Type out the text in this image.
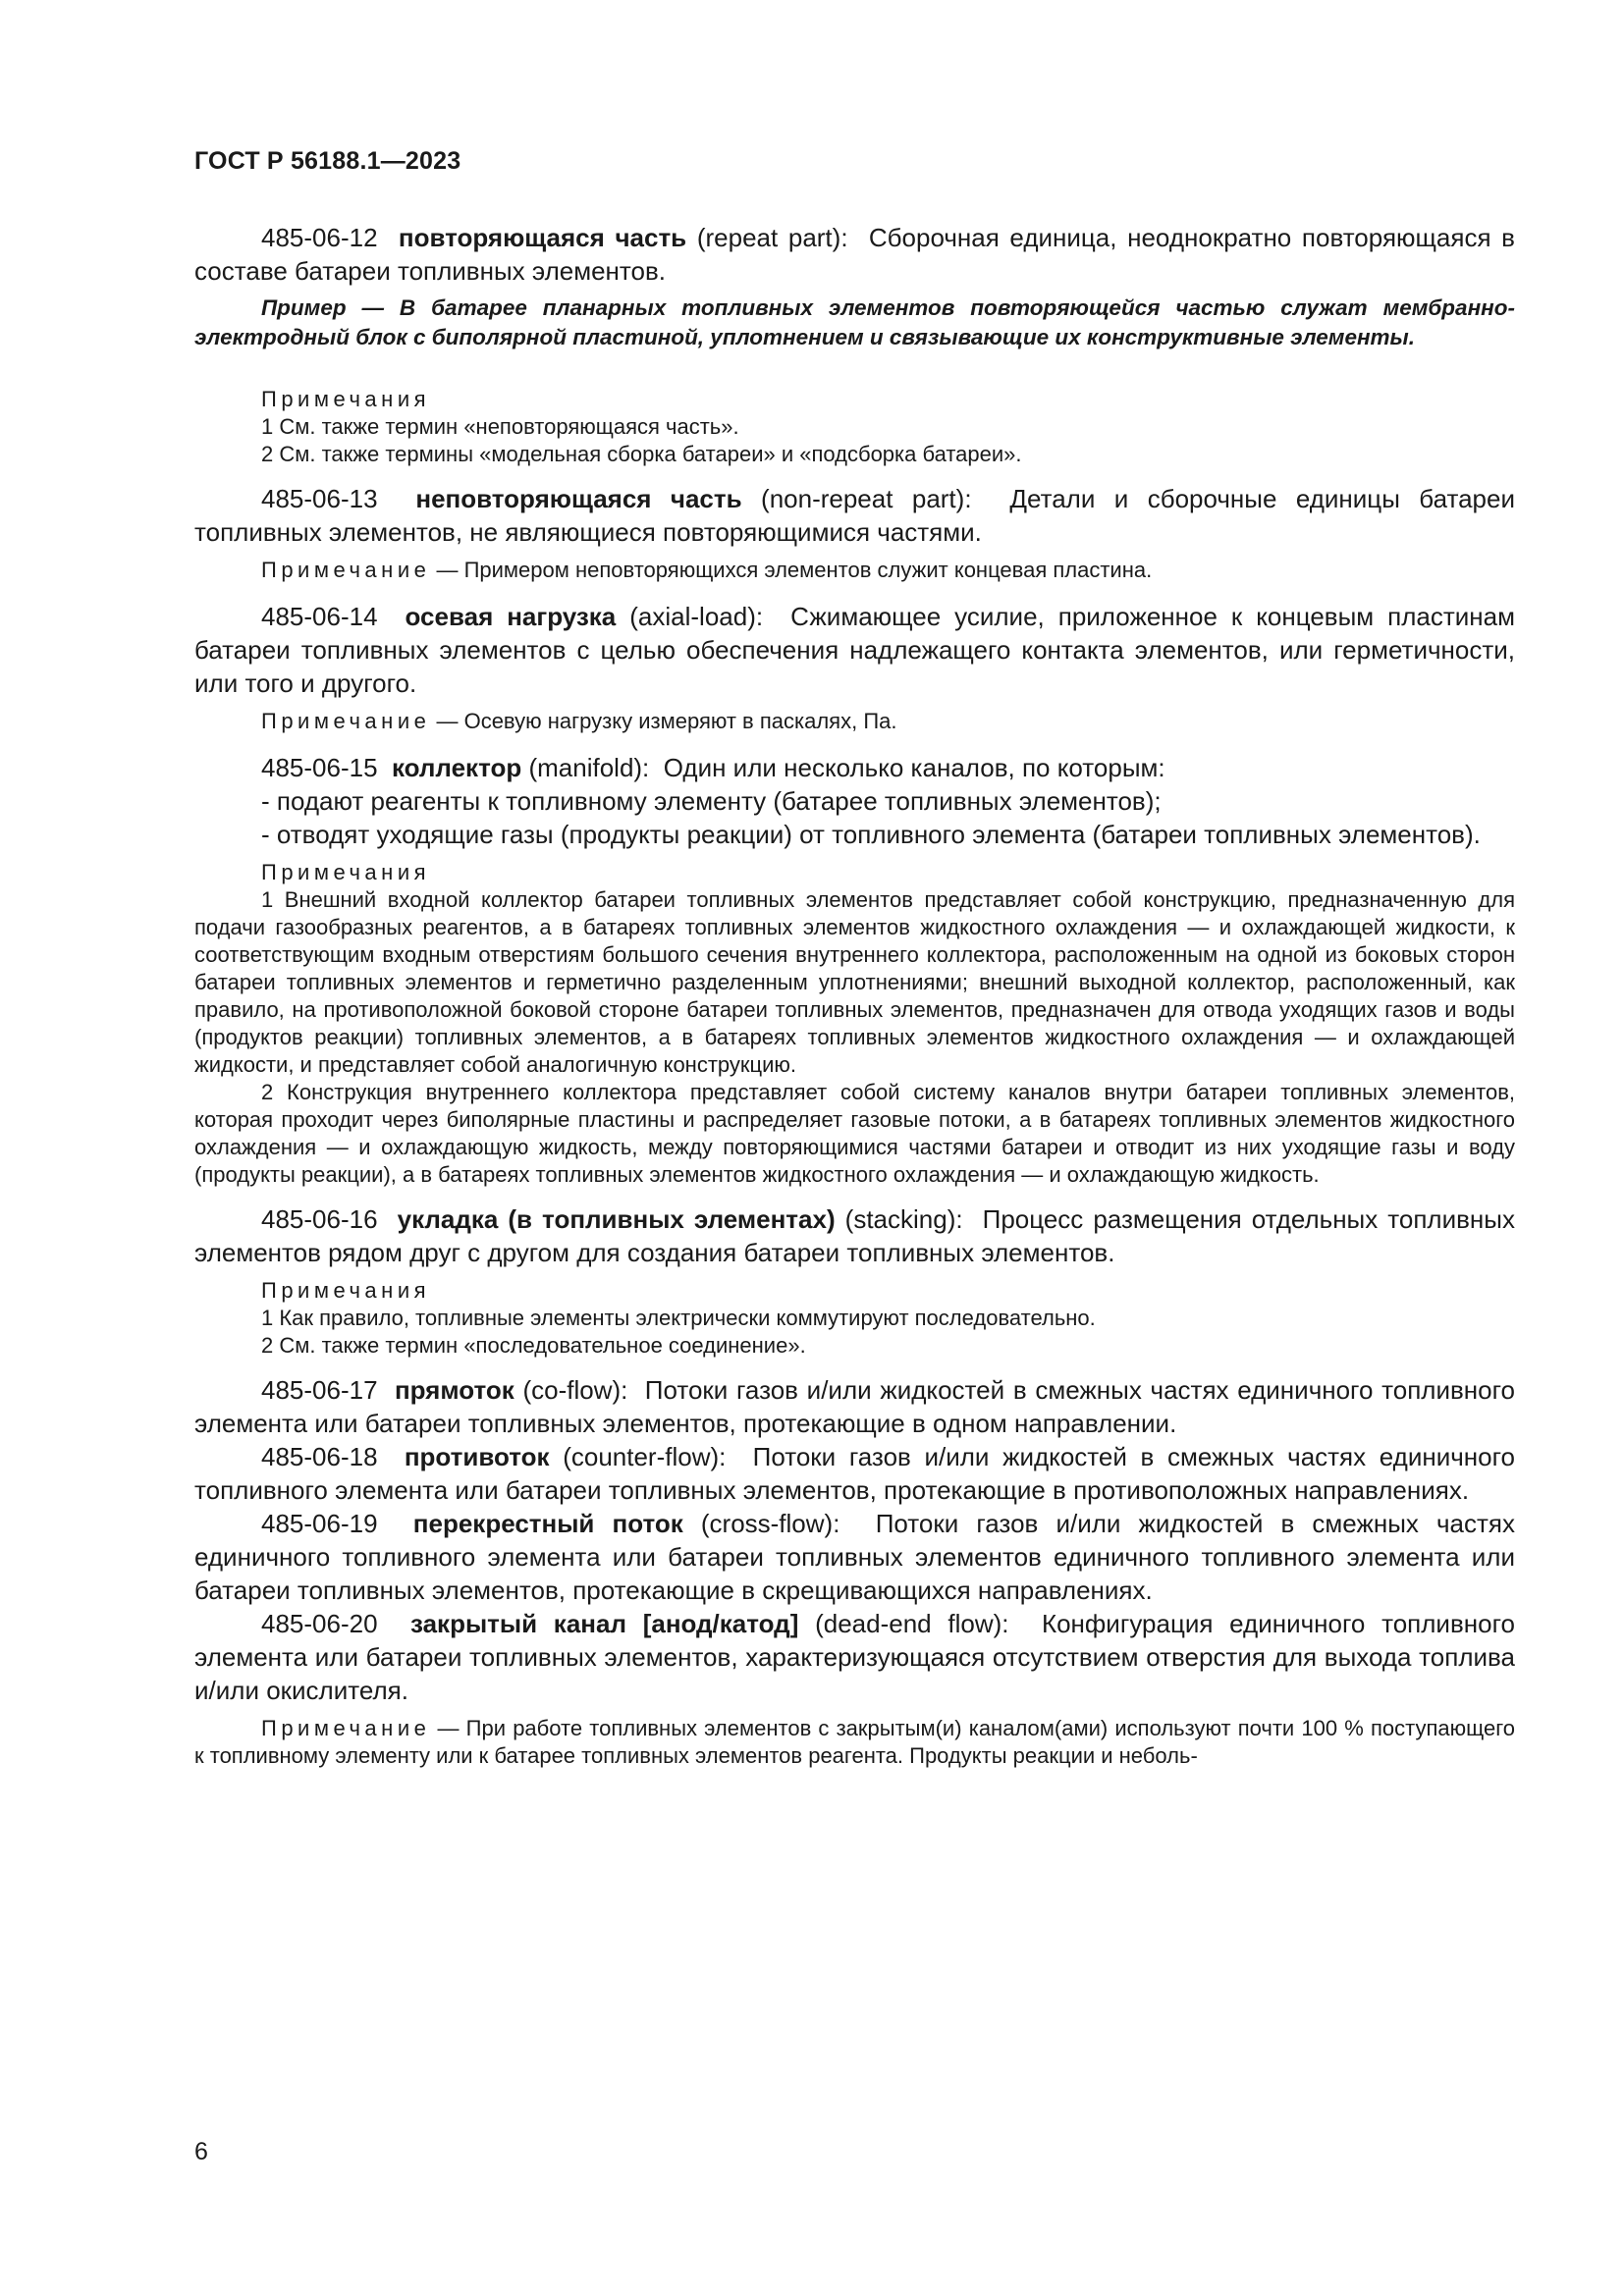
ГОСТ Р 56188.1—2023

485-06-12 повторяющаяся часть (repeat part): Сборочная единица, неоднократно повторяющаяся в составе батареи топливных элементов.

Пример — В батарее планарных топливных элементов повторяющейся частью служат мембранно-электродный блок с биполярной пластиной, уплотнением и связывающие их конструктивные элементы.

Примечания

1 См. также термин «неповторяющаяся часть».

2 См. также термины «модельная сборка батареи» и «подсборка батареи».

485-06-13 неповторяющаяся часть (non-repeat part): Детали и сборочные единицы батареи топливных элементов, не являющиеся повторяющимися частями.

Примечание — Примером неповторяющихся элементов служит концевая пластина.

485-06-14 осевая нагрузка (axial-load): Сжимающее усилие, приложенное к концевым пластинам батареи топливных элементов с целью обеспечения надлежащего контакта элементов, или герметичности, или того и другого.

Примечание — Осевую нагрузку измеряют в паскалях, Па.

485-06-15 коллектор (manifold): Один или несколько каналов, по которым:

- подают реагенты к топливному элементу (батарее топливных элементов);

- отводят уходящие газы (продукты реакции) от топливного элемента (батареи топливных элементов).

Примечания

1 Внешний входной коллектор батареи топливных элементов представляет собой конструкцию, предназначенную для подачи газообразных реагентов, а в батареях топливных элементов жидкостного охлаждения — и охлаждающей жидкости, к соответствующим входным отверстиям большого сечения внутреннего коллектора, расположенным на одной из боковых сторон батареи топливных элементов и герметично разделенным уплотнениями; внешний выходной коллектор, расположенный, как правило, на противоположной боковой стороне батареи топливных элементов, предназначен для отвода уходящих газов и воды (продуктов реакции) топливных элементов, а в батареях топливных элементов жидкостного охлаждения — и охлаждающей жидкости, и представляет собой аналогичную конструкцию.

2 Конструкция внутреннего коллектора представляет собой систему каналов внутри батареи топливных элементов, которая проходит через биполярные пластины и распределяет газовые потоки, а в батареях топливных элементов жидкостного охлаждения — и охлаждающую жидкость, между повторяющимися частями батареи и отводит из них уходящие газы и воду (продукты реакции), а в батареях топливных элементов жидкостного охлаждения — и охлаждающую жидкость.

485-06-16 укладка (в топливных элементах) (stacking): Процесс размещения отдельных топливных элементов рядом друг с другом для создания батареи топливных элементов.

Примечания

1 Как правило, топливные элементы электрически коммутируют последовательно.

2 См. также термин «последовательное соединение».

485-06-17 прямоток (co-flow): Потоки газов и/или жидкостей в смежных частях единичного топливного элемента или батареи топливных элементов, протекающие в одном направлении.

485-06-18 противоток (counter-flow): Потоки газов и/или жидкостей в смежных частях единичного топливного элемента или батареи топливных элементов, протекающие в противоположных направлениях.

485-06-19 перекрестный поток (cross-flow): Потоки газов и/или жидкостей в смежных частях единичного топливного элемента или батареи топливных элементов единичного топливного элемента или батареи топливных элементов, протекающие в скрещивающихся направлениях.

485-06-20 закрытый канал [анод/катод] (dead-end flow): Конфигурация единичного топливного элемента или батареи топливных элементов, характеризующаяся отсутствием отверстия для выхода топлива и/или окислителя.

Примечание — При работе топливных элементов с закрытым(и) каналом(ами) используют почти 100 % поступающего к топливному элементу или к батарее топливных элементов реагента. Продукты реакции и неболь-

6
